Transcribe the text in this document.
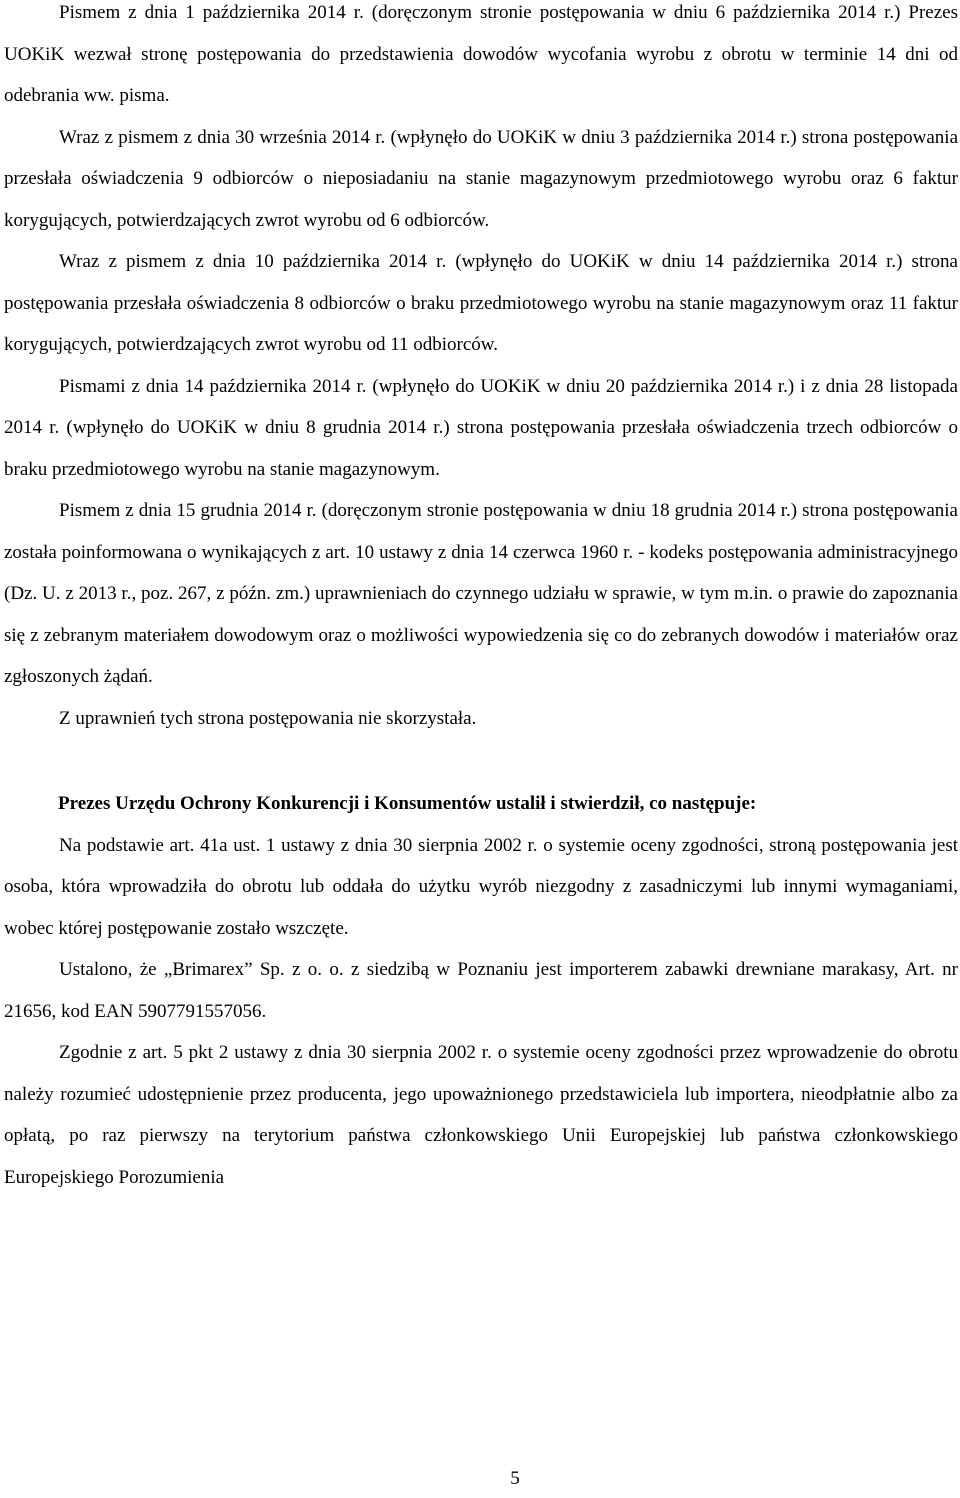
Pismem z dnia 1 października 2014 r. (doręczonym stronie postępowania w dniu 6 października 2014 r.) Prezes UOKiK wezwał stronę postępowania do przedstawienia dowodów wycofania wyrobu z obrotu w terminie 14 dni od odebrania ww. pisma.

Wraz z pismem z dnia 30 września 2014 r. (wpłynęło do UOKiK w dniu 3 października 2014 r.) strona postępowania przesłała oświadczenia 9 odbiorców o nieposiadaniu na stanie magazynowym przedmiotowego wyrobu oraz 6 faktur korygujących, potwierdzających zwrot wyrobu od 6 odbiorców.

Wraz z pismem z dnia 10 października 2014 r. (wpłynęło do UOKiK w dniu 14 października 2014 r.) strona postępowania przesłała oświadczenia 8 odbiorców o braku przedmiotowego wyrobu na stanie magazynowym oraz 11 faktur korygujących, potwierdzających zwrot wyrobu od 11 odbiorców.

Pismami z dnia 14 października 2014 r. (wpłynęło do UOKiK w dniu 20 października 2014 r.) i z dnia 28 listopada 2014 r. (wpłynęło do UOKiK w dniu 8 grudnia 2014 r.) strona postępowania przesłała oświadczenia trzech odbiorców o braku przedmiotowego wyrobu na stanie magazynowym.

Pismem z dnia 15 grudnia 2014 r. (doręczonym stronie postępowania w dniu 18 grudnia 2014 r.) strona postępowania została poinformowana o wynikających z art. 10 ustawy z dnia 14 czerwca 1960 r. - kodeks postępowania administracyjnego (Dz. U. z 2013 r., poz. 267, z późn. zm.) uprawnieniach do czynnego udziału w sprawie, w tym m.in. o prawie do zapoznania się z zebranym materiałem dowodowym oraz o możliwości wypowiedzenia się co do zebranych dowodów i materiałów oraz zgłoszonych żądań.

Z uprawnień tych strona postępowania nie skorzystała.

Prezes Urzędu Ochrony Konkurencji i Konsumentów ustalił i stwierdził, co następuje:

Na podstawie art. 41a ust. 1 ustawy z dnia 30 sierpnia 2002 r. o systemie oceny zgodności, stroną postępowania jest osoba, która wprowadziła do obrotu lub oddała do użytku wyrób niezgodny z zasadniczymi lub innymi wymaganiami, wobec której postępowanie zostało wszczęte.

Ustalono, że „Brimarex” Sp. z o. o. z siedzibą w Poznaniu jest importerem zabawki drewniane marakasy, Art. nr 21656, kod EAN 5907791557056.

Zgodnie z art. 5 pkt 2 ustawy z dnia 30 sierpnia 2002 r. o systemie oceny zgodności przez wprowadzenie do obrotu należy rozumieć udostępnienie przez producenta, jego upoważnionego przedstawiciela lub importera, nieodpłatnie albo za opłatą, po raz pierwszy na terytorium państwa członkowskiego Unii Europejskiej lub państwa członkowskiego Europejskiego Porozumienia

5
